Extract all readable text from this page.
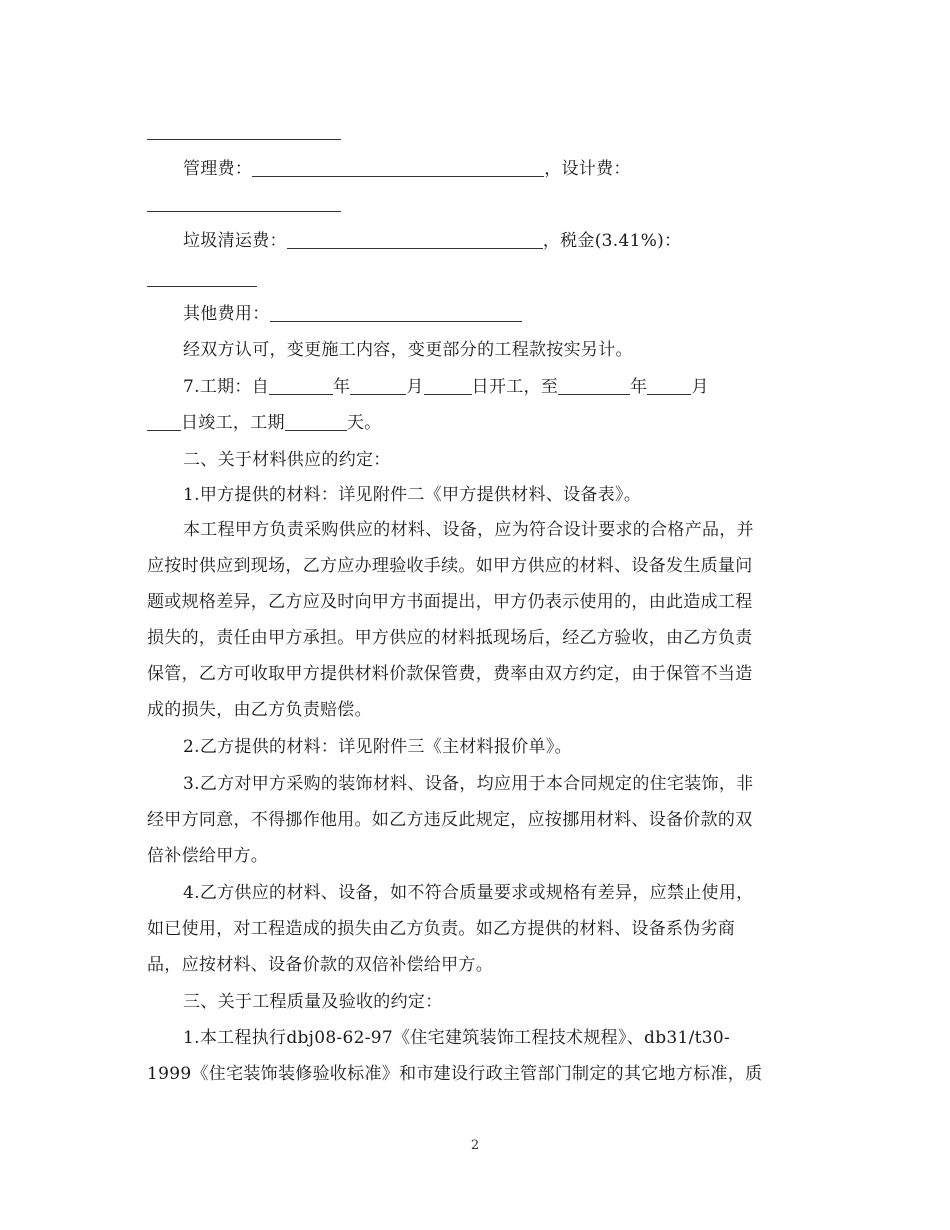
管理费：	，设计费：
垃圾清运费：	，税金(3.41%)：
其他费用：
经双方认可，变更施工内容，变更部分的工程款按实另计。
7.工期：自	年	月	日开工，至	年	月
日竣工，工期	天。
二、关于材料供应的约定：
1.甲方提供的材料：详见附件二《甲方提供材料、设备表》。
本工程甲方负责采购供应的材料、设备，应为符合设计要求的合格产品，并
应按时供应到现场，乙方应办理验收手续。如甲方供应的材料、设备发生质量问
题或规格差异，乙方应及时向甲方书面提出，甲方仍表示使用的，由此造成工程
损失的，责任由甲方承担。甲方供应的材料抵现场后，经乙方验收，由乙方负责
保管，乙方可收取甲方提供材料价款保管费，费率由双方约定，由于保管不当造
成的损失，由乙方负责赔偿。
2.乙方提供的材料：详见附件三《主材料报价单》。
3.乙方对甲方采购的装饰材料、设备，均应用于本合同规定的住宅装饰，非
经甲方同意，不得挪作他用。如乙方违反此规定，应按挪用材料、设备价款的双
倍补偿给甲方。
4.乙方供应的材料、设备，如不符合质量要求或规格有差异，应禁止使用，
如已使用，对工程造成的损失由乙方负责。如乙方提供的材料、设备系伪劣商
品，应按材料、设备价款的双倍补偿给甲方。
三、关于工程质量及验收的约定：
1.本工程执行dbj08-62-97《住宅建筑装饰工程技术规程》、db31/t30-
1999《住宅装饰装修验收标准》和市建设行政主管部门制定的其它地方标准，质
2
